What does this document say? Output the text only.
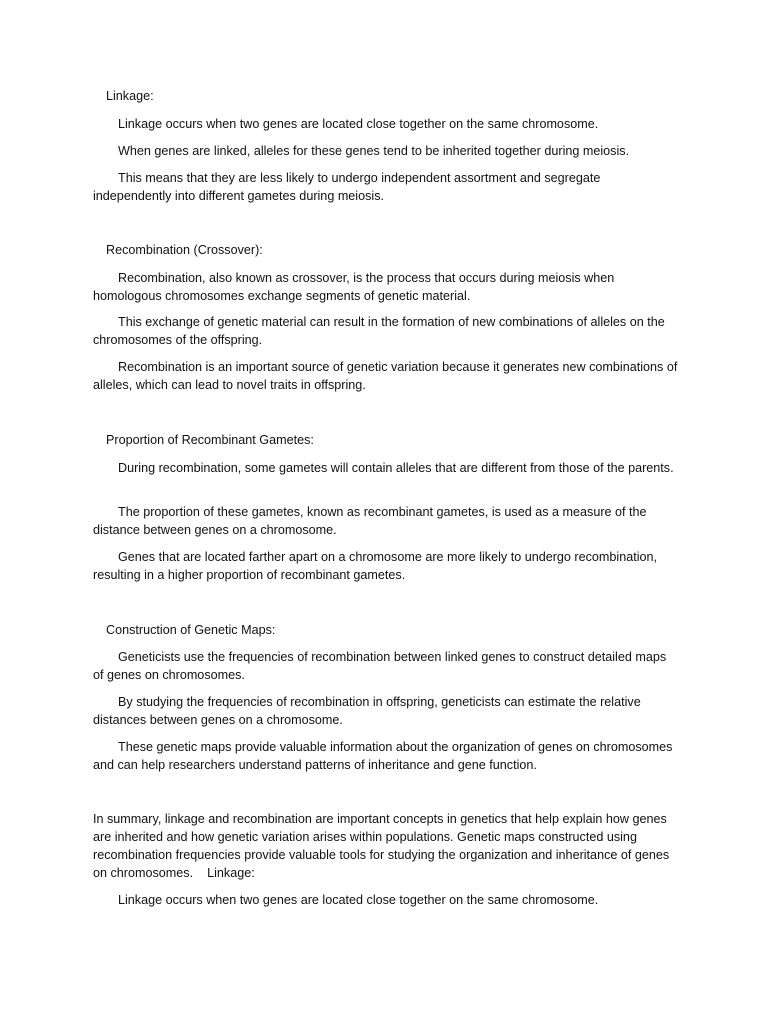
Linkage:
Linkage occurs when two genes are located close together on the same chromosome.
When genes are linked, alleles for these genes tend to be inherited together during meiosis.
This means that they are less likely to undergo independent assortment and segregate independently into different gametes during meiosis.
Recombination (Crossover):
Recombination, also known as crossover, is the process that occurs during meiosis when homologous chromosomes exchange segments of genetic material.
This exchange of genetic material can result in the formation of new combinations of alleles on the chromosomes of the offspring.
Recombination is an important source of genetic variation because it generates new combinations of alleles, which can lead to novel traits in offspring.
Proportion of Recombinant Gametes:
During recombination, some gametes will contain alleles that are different from those of the parents.
The proportion of these gametes, known as recombinant gametes, is used as a measure of the distance between genes on a chromosome.
Genes that are located farther apart on a chromosome are more likely to undergo recombination, resulting in a higher proportion of recombinant gametes.
Construction of Genetic Maps:
Geneticists use the frequencies of recombination between linked genes to construct detailed maps of genes on chromosomes.
By studying the frequencies of recombination in offspring, geneticists can estimate the relative distances between genes on a chromosome.
These genetic maps provide valuable information about the organization of genes on chromosomes and can help researchers understand patterns of inheritance and gene function.
In summary, linkage and recombination are important concepts in genetics that help explain how genes are inherited and how genetic variation arises within populations. Genetic maps constructed using recombination frequencies provide valuable tools for studying the organization and inheritance of genes on chromosomes.    Linkage:
Linkage occurs when two genes are located close together on the same chromosome.
